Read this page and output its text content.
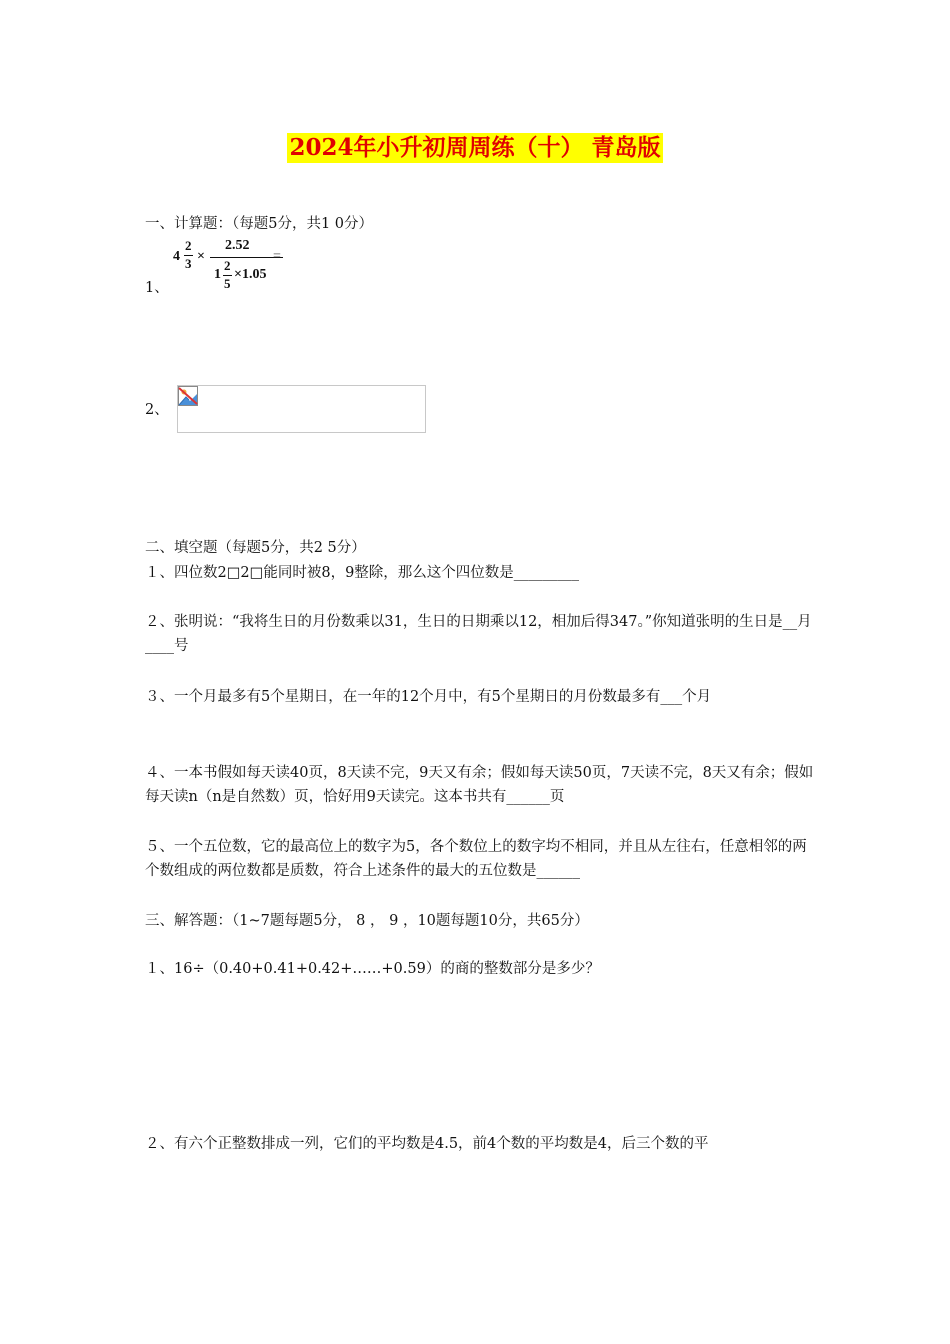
2024年小升初周周练（十） 青岛版
一、计算题：（每题5分，共1 0分）
4
2
3 ×
2.52
1
2
5
×1.05
=
1、
2、
二、填空题（每题5分，共2 5分）
１、四位数2□2□能同时被8，9整除，那么这个四位数是_________
２、张明说：“我将生日的月份数乘以31，生日的日期乘以12，相加后得347。”你知道张明的生日是__月____号
３、一个月最多有5个星期日，在一年的12个月中，有5个星期日的月份数最多有___个月
４、一本书假如每天读40页，8天读不完，9天又有余；假如每天读50页，7天读不完，8天又有余；假如每天读n（n是自然数）页，恰好用9天读完。这本书共有______页
５、一个五位数，它的最高位上的数字为5，各个数位上的数字均不相同，并且从左往右，任意相邻的两个数组成的两位数都是质数，符合上述条件的最大的五位数是______
三、解答题：（1~7题每题5分， 8 ， 9 ，10题每题10分，共65分）
１、16÷（0.40+0.41+0.42+……+0.59）的商的整数部分是多少？
２、有六个正整数排成一列，它们的平均数是4.5，前4个数的平均数是4，后三个数的平
